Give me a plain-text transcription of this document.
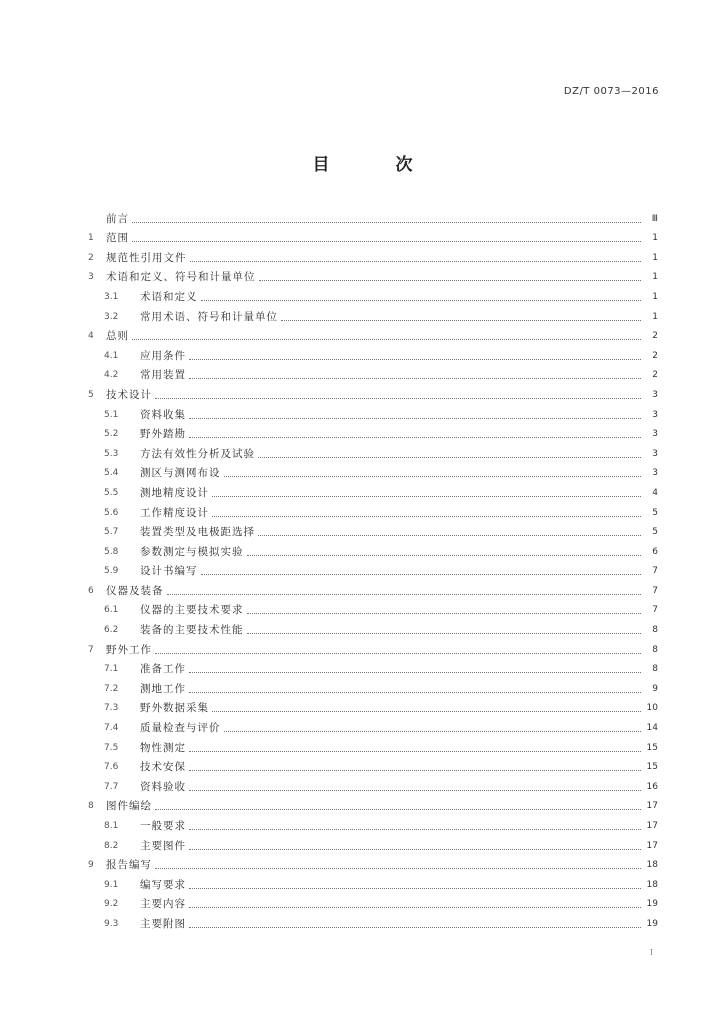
DZ/T 0073—2016
目 次
前言	Ⅲ
1	范围	1
2	规范性引用文件	1
3	术语和定义、符号和计量单位	1
3.1	术语和定义	1
3.2	常用术语、符号和计量单位	1
4	总则	2
4.1	应用条件	2
4.2	常用装置	2
5	技术设计	3
5.1	资料收集	3
5.2	野外踏勘	3
5.3	方法有效性分析及试验	3
5.4	测区与测网布设	3
5.5	测地精度设计	4
5.6	工作精度设计	5
5.7	装置类型及电极距选择	5
5.8	参数测定与模拟实验	6
5.9	设计书编写	7
6	仪器及装备	7
6.1	仪器的主要技术要求	7
6.2	装备的主要技术性能	8
7	野外工作	8
7.1	准备工作	8
7.2	测地工作	9
7.3	野外数据采集	10
7.4	质量检查与评价	14
7.5	物性测定	15
7.6	技术安保	15
7.7	资料验收	16
8	图件编绘	17
8.1	一般要求	17
8.2	主要图件	17
9	报告编写	18
9.1	编写要求	18
9.2	主要内容	19
9.3	主要附图	19
I
